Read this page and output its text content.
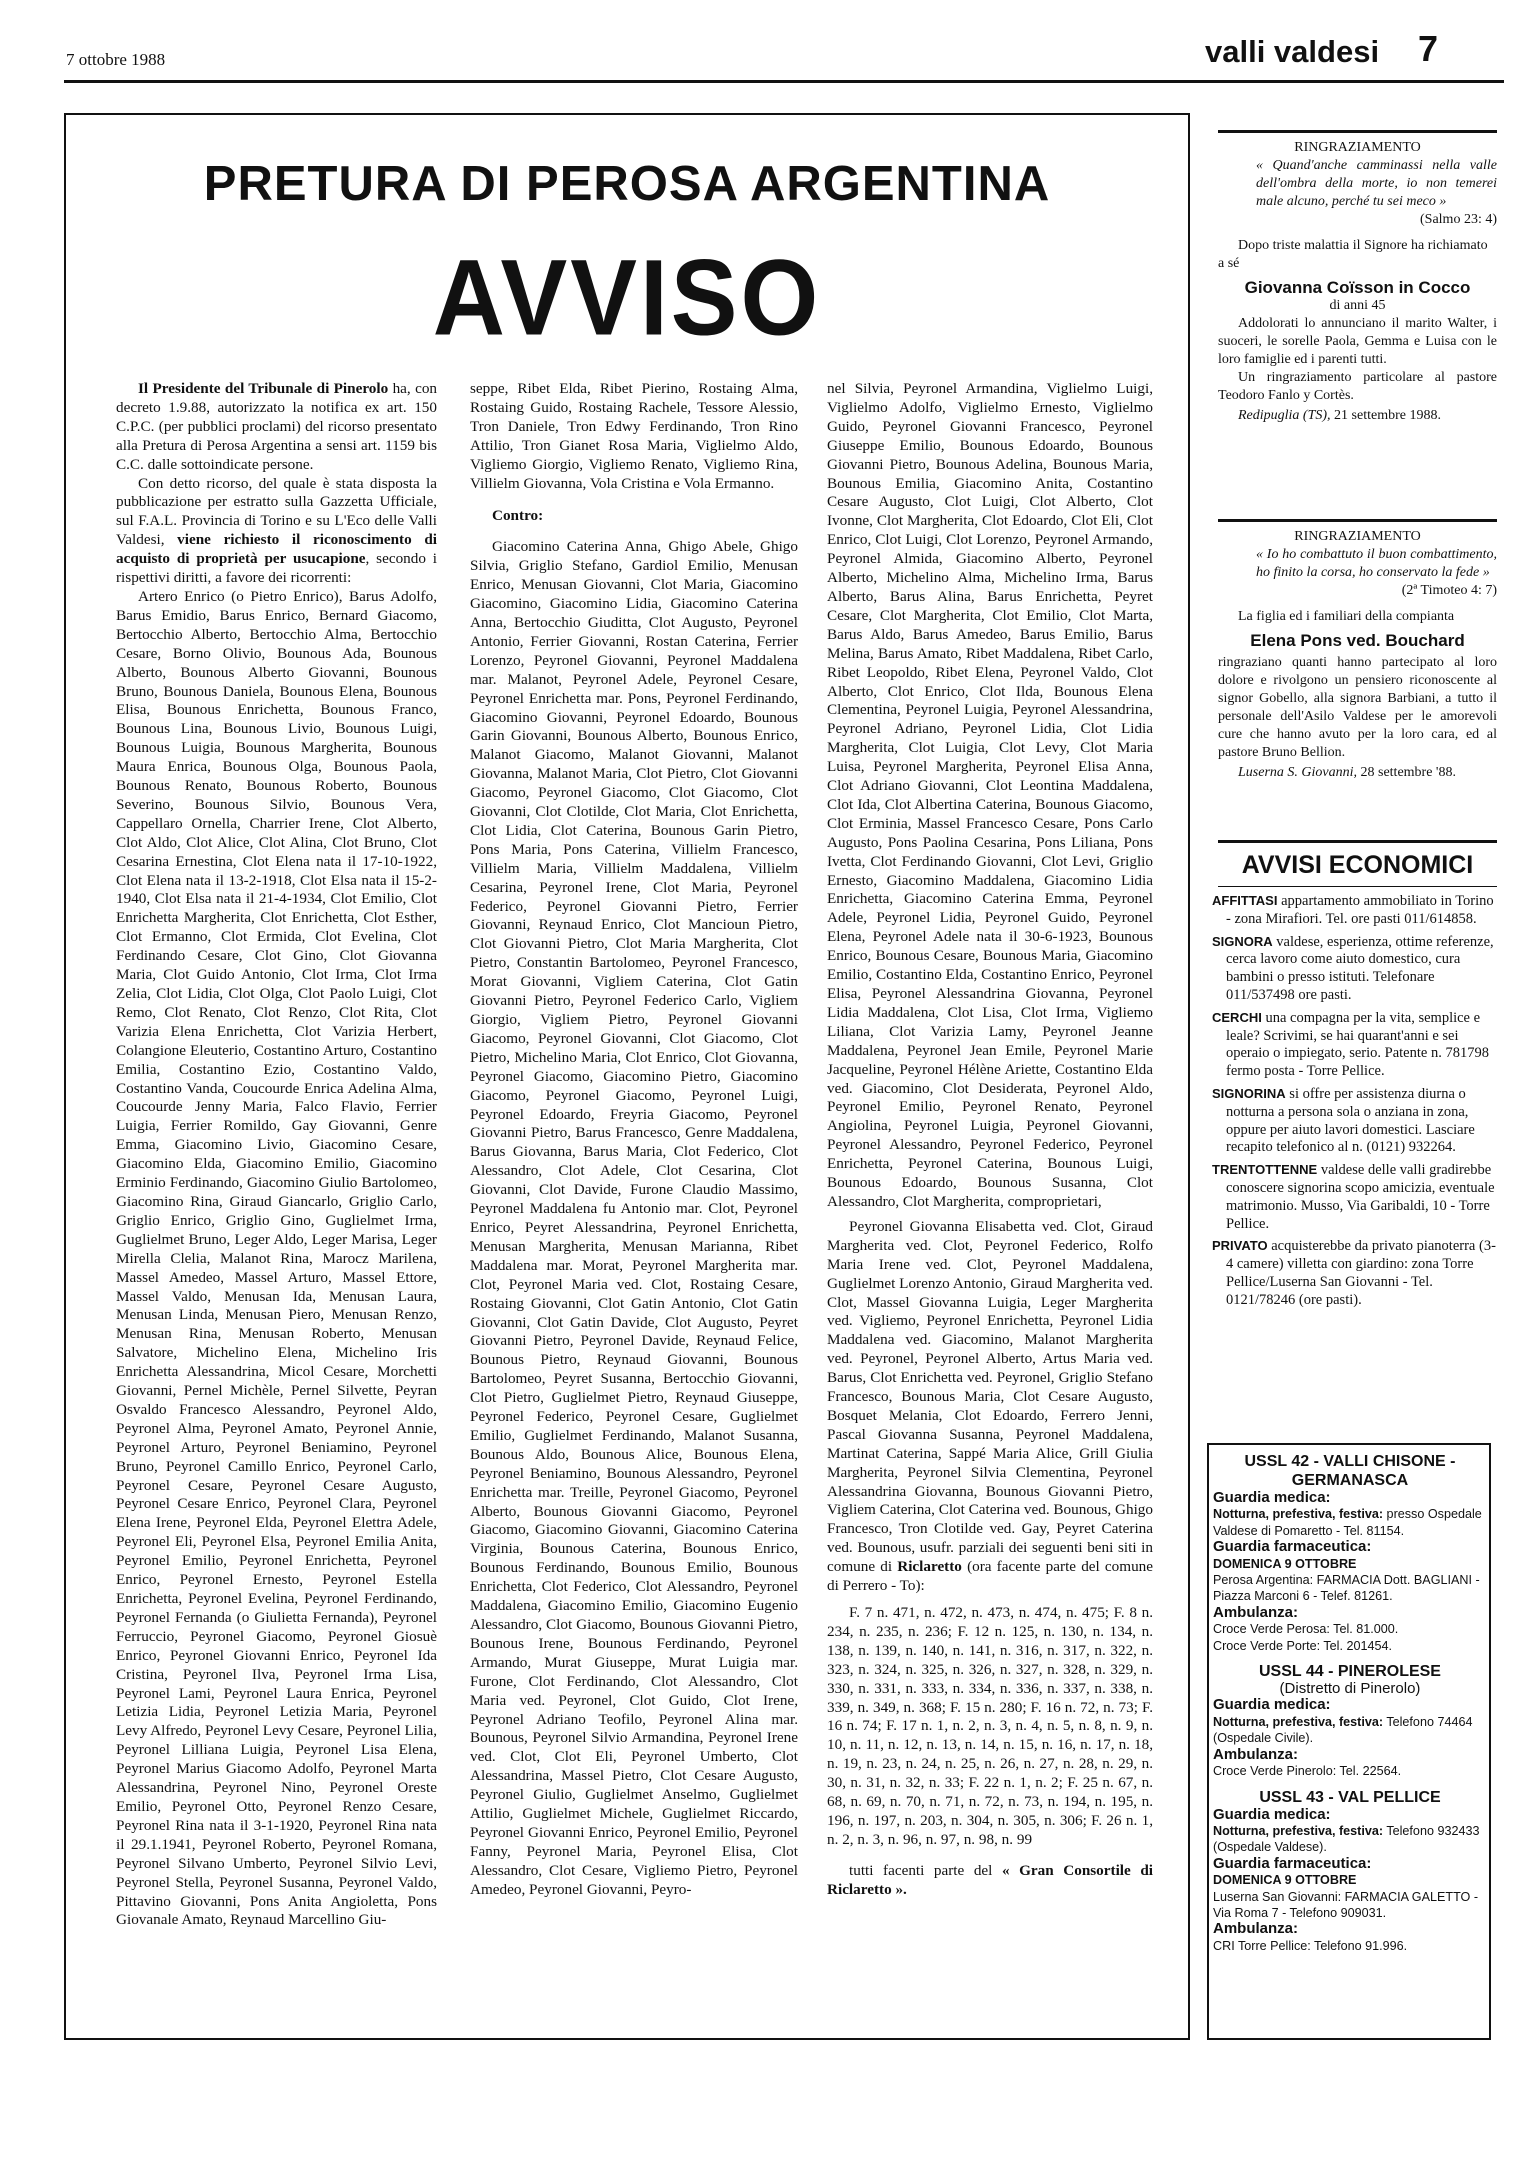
7 ottobre 1988	valli valdesi 7
PRETURA DI PEROSA ARGENTINA
AVVISO

Il Presidente del Tribunale di Pinerolo ha, con decreto 1.9.88, autorizzato la notifica ex art. 150 C.P.C. (per pubblici proclami) del ricorso presentato alla Pretura di Perosa Argentina a sensi art. 1159 bis C.C. dalle sottoindicate persone.

Con detto ricorso, del quale è stata disposta la pubblicazione per estratto sulla Gazzetta Ufficiale, sul F.A.L. Provincia di Torino e su L'Eco delle Valli Valdesi, viene richiesto il riconoscimento di acquisto di proprietà per usucapione, secondo i rispettivi diritti, a favore dei ricorrenti:

Artero Enrico (o Pietro Enrico), Barus Adolfo, Barus Emidio, Barus Enrico, Bernard Giacomo, Bertocchio Alberto, Bertocchio Alma, Bertocchio Cesare, Borno Olivio, Bounous Ada, Bounous Alberto, Bounous Alberto Giovanni, Bounous Bruno, Bounous Daniela, Bounous Elena, Bounous Elisa, Bounous Enrichetta, Bounous Franco, Bounous Lina, Bounous Livio, Bounous Luigi, Bounous Luigia, Bounous Margherita, Bounous Maura Enrica, Bounous Olga, Bounous Paola, Bounous Renato, Bounous Roberto, Bounous Severino, Bounous Silvio, Bounous Vera, Cappellaro Ornella, Charrier Irene, Clot Alberto, Clot Aldo, Clot Alice, Clot Alina, Clot Bruno, Clot Cesarina Ernestina, Clot Elena nata il 17-10-1922, Clot Elena nata il 13-2-1918, Clot Elsa nata il 15-2-1940, Clot Elsa nata il 21-4-1934, Clot Emilio, Clot Enrichetta Margherita, Clot Enrichetta, Clot Esther, Clot Ermanno, Clot Ermida, Clot Evelina, Clot Ferdinando Cesare, Clot Gino, Clot Giovanna Maria, Clot Guido Antonio, Clot Irma, Clot Irma Zelia, Clot Lidia, Clot Olga, Clot Paolo Luigi, Clot Remo, Clot Renato, Clot Renzo, Clot Rita, Clot Varizia Elena Enrichetta, Clot Varizia Herbert, Colangione Eleuterio, Costantino Arturo, Costantino Emilia, Costantino Ezio, Costantino Valdo, Costantino Vanda, Coucourde Enrica Adelina Alma, Coucourde Jenny Maria, Falco Flavio, Ferrier Luigia, Ferrier Romildo, Gay Giovanni, Genre Emma, Giacomino Livio, Giacomino Cesare, Giacomino Elda, Giacomino Emilio, Giacomino Erminio Ferdinando, Giacomino Giulio Bartolomeo, Giacomino Rina, Giraud Giancarlo, Griglio Carlo, Griglio Enrico, Griglio Gino, Guglielmet Irma, Guglielmet Bruno, Leger Aldo, Leger Marisa, Leger Mirella Clelia, Malanot Rina, Marocz Marilena, Massel Amedeo, Massel Arturo, Massel Ettore, Massel Valdo, Menusan Ida, Menusan Laura, Menusan Linda, Menusan Piero, Menusan Renzo, Menusan Rina, Menusan Roberto, Menusan Salvatore, Michelino Elena, Michelino Iris Enrichetta Alessandrina, Micol Cesare, Morchetti Giovanni, Pernel Michèle, Pernel Silvette, Peyran Osvaldo Francesco Alessandro, Peyronel Aldo, Peyronel Alma, Peyronel Amato, Peyronel Annie, Peyronel Arturo, Peyronel Beniamino, Peyronel Bruno, Peyronel Camillo Enrico, Peyronel Carlo, Peyronel Cesare, Peyronel Cesare Augusto, Peyronel Cesare Enrico, Peyronel Clara, Peyronel Elena Irene, Peyronel Elda, Peyronel Elettra Adele, Peyronel Eli, Peyronel Elsa, Peyronel Emilia Anita, Peyronel Emilio, Peyronel Enrichetta, Peyronel Enrico, Peyronel Ernesto, Peyronel Estella Enrichetta, Peyronel Evelina, Peyronel Ferdinando, Peyronel Fernanda (o Giulietta Fernanda), Peyronel Ferruccio, Peyronel Giacomo, Peyronel Giosuè Enrico, Peyronel Giovanni Enrico, Peyronel Ida Cristina, Peyronel Ilva, Peyronel Irma Lisa, Peyronel Lami, Peyronel Laura Enrica, Peyronel Letizia Lidia, Peyronel Letizia Maria, Peyronel Levy Alfredo, Peyronel Levy Cesare, Peyronel Lilia, Peyronel Lilliana Luigia, Peyronel Lisa Elena, Peyronel Marius Giacomo Adolfo, Peyronel Marta Alessandrina, Peyronel Nino, Peyronel Oreste Emilio, Peyronel Otto, Peyronel Renzo Cesare, Peyronel Rina nata il 3-1-1920, Peyronel Rina nata il 29.1.1941, Peyronel Roberto, Peyronel Romana, Peyronel Silvano Umberto, Peyronel Silvio Levi, Peyronel Stella, Peyronel Susanna, Peyronel Valdo, Pittavino Giovanni, Pons Anita Angioletta, Pons Giovanale Amato, Reynaud Marcellino Giu-

seppe, Ribet Elda, Ribet Pierino, Rostaing Alma, Rostaing Guido, Rostaing Rachele, Tessore Alessio, Tron Daniele, Tron Edwy Ferdinando, Tron Rino Attilio, Tron Gianet Rosa Maria, Viglielmo Aldo, Vigliemo Giorgio, Vigliemo Renato, Vigliemo Rina, Villielm Giovanna, Vola Cristina e Vola Ermanno.

Contro:

Giacomino Caterina Anna, Ghigo Abele, Ghigo Silvia, Griglio Stefano, Gardiol Emilio, Menusan Enrico, Menusan Giovanni, Clot Maria, Giacomino Giacomino, Giacomino Lidia, Giacomino Caterina Anna, Bertocchio Giuditta, Clot Augusto, Peyronel Antonio, Ferrier Giovanni, Rostan Caterina, Ferrier Lorenzo, Peyronel Giovanni, Peyronel Maddalena mar. Malanot, Peyronel Adele, Peyronel Cesare, Peyronel Enrichetta mar. Pons, Peyronel Ferdinando, Giacomino Giovanni, Peyronel Edoardo, Bounous Garin Giovanni, Bounous Alberto, Bounous Enrico, Malanot Giacomo, Malanot Giovanni, Malanot Giovanna, Malanot Maria, Clot Pietro, Clot Giovanni Giacomo, Peyronel Giacomo, Clot Giacomo, Clot Giovanni, Clot Clotilde, Clot Maria, Clot Enrichetta, Clot Lidia, Clot Caterina, Bounous Garin Pietro, Pons Maria, Pons Caterina, Villielm Francesco, Villielm Maria, Villielm Maddalena, Villielm Cesarina, Peyronel Irene, Clot Maria, Peyronel Federico, Peyronel Giovanni Pietro, Ferrier Giovanni, Reynaud Enrico, Clot Mancioun Pietro, Clot Giovanni Pietro, Clot Maria Margherita, Clot Pietro, Constantin Bartolomeo, Peyronel Francesco, Morat Giovanni, Vigliem Caterina, Clot Gatin Giovanni Pietro, Peyronel Federico Carlo, Vigliem Giorgio, Vigliem Pietro, Peyronel Giovanni Giacomo, Peyronel Giovanni, Clot Giacomo, Clot Pietro, Michelino Maria, Clot Enrico, Clot Giovanna, Peyronel Giacomo, Giacomino Pietro, Giacomino Giacomo, Peyronel Giacomo, Peyronel Luigi, Peyronel Edoardo, Freyria Giacomo, Peyronel Giovanni Pietro, Barus Francesco, Genre Maddalena, Barus Giovanna, Barus Maria, Clot Federico, Clot Alessandro, Clot Adele, Clot Cesarina, Clot Giovanni, Clot Davide, Furone Claudio Massimo, Peyronel Maddalena fu Antonio mar. Clot, Peyronel Enrico, Peyret Alessandrina, Peyronel Enrichetta, Menusan Margherita, Menusan Marianna, Ribet Maddalena mar. Morat, Peyronel Margherita mar. Clot, Peyronel Maria ved. Clot, Rostaing Cesare, Rostaing Giovanni, Clot Gatin Antonio, Clot Gatin Giovanni, Clot Gatin Davide, Clot Augusto, Peyret Giovanni Pietro, Peyronel Davide, Reynaud Felice, Bounous Pietro, Reynaud Giovanni, Bounous Bartolomeo, Peyret Susanna, Bertocchio Giovanni, Clot Pietro, Guglielmet Pietro, Reynaud Giuseppe, Peyronel Federico, Peyronel Cesare, Guglielmet Emilio, Guglielmet Ferdinando, Malanot Susanna, Bounous Aldo, Bounous Alice, Bounous Elena, Peyronel Beniamino, Bounous Alessandro, Peyronel Enrichetta mar. Treille, Peyronel Giacomo, Peyronel Alberto, Bounous Giovanni Giacomo, Peyronel Giacomo, Giacomino Giovanni, Giacomino Caterina Virginia, Bounous Caterina, Bounous Enrico, Bounous Ferdinando, Bounous Emilio, Bounous Enrichetta, Clot Federico, Clot Alessandro, Peyronel Maddalena, Giacomino Emilio, Giacomino Eugenio Alessandro, Clot Giacomo, Bounous Giovanni Pietro, Bounous Irene, Bounous Ferdinando, Peyronel Armando, Murat Giuseppe, Murat Luigia mar. Furone, Clot Ferdinando, Clot Alessandro, Clot Maria ved. Peyronel, Clot Guido, Clot Irene, Peyronel Adriano Teofilo, Peyronel Alina mar. Bounous, Peyronel Silvio Armandina, Peyronel Irene ved. Clot, Clot Eli, Peyronel Umberto, Clot Alessandrina, Massel Pietro, Clot Cesare Augusto, Peyronel Giulio, Guglielmet Anselmo, Guglielmet Attilio, Guglielmet Michele, Guglielmet Riccardo, Peyronel Giovanni Enrico, Peyronel Emilio, Peyronel Fanny, Peyronel Maria, Peyronel Elisa, Clot Alessandro, Clot Cesare, Vigliemo Pietro, Peyronel Amedeo, Peyronel Giovanni, Peyro-

nel Silvia, Peyronel Armandina, Viglielmo Luigi, Viglielmo Adolfo, Viglielmo Ernesto, Viglielmo Guido, Peyronel Giovanni Francesco, Peyronel Giuseppe Emilio, Bounous Edoardo, Bounous Giovanni Pietro, Bounous Adelina, Bounous Maria, Bounous Emilia, Giacomino Anita, Costantino Cesare Augusto, Clot Luigi, Clot Alberto, Clot Ivonne, Clot Margherita, Clot Edoardo, Clot Eli, Clot Enrico, Clot Luigi, Clot Lorenzo, Peyronel Armando, Peyronel Almida, Giacomino Alberto, Peyronel Alberto, Michelino Alma, Michelino Irma, Barus Alberto, Barus Alina, Barus Enrichetta, Peyret Cesare, Clot Margherita, Clot Emilio, Clot Marta, Barus Aldo, Barus Amedeo, Barus Emilio, Barus Melina, Barus Amato, Ribet Maddalena, Ribet Carlo, Ribet Leopoldo, Ribet Elena, Peyronel Valdo, Clot Alberto, Clot Enrico, Clot Ilda, Bounous Elena Clementina, Peyronel Luigia, Peyronel Alessandrina, Peyronel Adriano, Peyronel Lidia, Clot Lidia Margherita, Clot Luigia, Clot Levy, Clot Maria Luisa, Peyronel Margherita, Peyronel Elisa Anna, Clot Adriano Giovanni, Clot Leontina Maddalena, Clot Ida, Clot Albertina Caterina, Bounous Giacomo, Clot Erminia, Massel Francesco Cesare, Pons Carlo Augusto, Pons Paolina Cesarina, Pons Liliana, Pons Ivetta, Clot Ferdinando Giovanni, Clot Levi, Griglio Ernesto, Giacomino Maddalena, Giacomino Lidia Enrichetta, Giacomino Caterina Emma, Peyronel Adele, Peyronel Lidia, Peyronel Guido, Peyronel Elena, Peyronel Adele nata il 30-6-1923, Bounous Enrico, Bounous Cesare, Bounous Maria, Giacomino Emilio, Costantino Elda, Costantino Enrico, Peyronel Elisa, Peyronel Alessandrina Giovanna, Peyronel Lidia Maddalena, Clot Lisa, Clot Irma, Vigliemo Liliana, Clot Varizia Lamy, Peyronel Jeanne Maddalena, Peyronel Jean Emile, Peyronel Marie Jacqueline, Peyronel Hélène Ariette, Costantino Elda ved. Giacomino, Clot Desiderata, Peyronel Aldo, Peyronel Emilio, Peyronel Renato, Peyronel Angiolina, Peyronel Luigia, Peyronel Giovanni, Peyronel Alessandro, Peyronel Federico, Peyronel Enrichetta, Peyronel Caterina, Bounous Luigi, Bounous Edoardo, Bounous Susanna, Clot Alessandro, Clot Margherita, comproprietari,

Peyronel Giovanna Elisabetta ved. Clot, Giraud Margherita ved. Clot, Peyronel Federico, Rolfo Maria Irene ved. Clot, Peyronel Maddalena, Guglielmet Lorenzo Antonio, Giraud Margherita ved. Clot, Massel Giovanna Luigia, Leger Margherita ved. Vigliemo, Peyronel Enrichetta, Peyronel Lidia Maddalena ved. Giacomino, Malanot Margherita ved. Peyronel, Peyronel Alberto, Artus Maria ved. Barus, Clot Enrichetta ved. Peyronel, Griglio Stefano Francesco, Bounous Maria, Clot Cesare Augusto, Bosquet Melania, Clot Edoardo, Ferrero Jenni, Pascal Giovanna Susanna, Peyronel Maddalena, Martinat Caterina, Sappé Maria Alice, Grill Giulia Margherita, Peyronel Silvia Clementina, Peyronel Alessandrina Giovanna, Bounous Giovanni Pietro, Vigliem Caterina, Clot Caterina ved. Bounous, Ghigo Francesco, Tron Clotilde ved. Gay, Peyret Caterina ved. Bounous, usufr. parziali dei seguenti beni siti in comune di Riclaretto (ora facente parte del comune di Perrero - To):

F. 7 n. 471, n. 472, n. 473, n. 474, n. 475; F. 8 n. 234, n. 235, n. 236; F. 12 n. 125, n. 130, n. 134, n. 138, n. 139, n. 140, n. 141, n. 316, n. 317, n. 322, n. 323, n. 324, n. 325, n. 326, n. 327, n. 328, n. 329, n. 330, n. 331, n. 333, n. 334, n. 336, n. 337, n. 338, n. 339, n. 349, n. 368; F. 15 n. 280; F. 16 n. 72, n. 73; F. 16 n. 74; F. 17 n. 1, n. 2, n. 3, n. 4, n. 5, n. 8, n. 9, n. 10, n. 11, n. 12, n. 13, n. 14, n. 15, n. 16, n. 17, n. 18, n. 19, n. 23, n. 24, n. 25, n. 26, n. 27, n. 28, n. 29, n. 30, n. 31, n. 32, n. 33; F. 22 n. 1, n. 2; F. 25 n. 67, n. 68, n. 69, n. 70, n. 71, n. 72, n. 73, n. 194, n. 195, n. 196, n. 197, n. 203, n. 304, n. 305, n. 306; F. 26 n. 1, n. 2, n. 3, n. 96, n. 97, n. 98, n. 99

tutti facenti parte del « Gran Consortile di Riclaretto ».

RINGRAZIAMENTO
« Quand'anche camminassi nella valle dell'ombra della morte, io non temerei male alcuno, perché tu sei meco »
(Salmo 23: 4)
Dopo triste malattia il Signore ha richiamato a sé
Giovanna Coïsson in Cocco
di anni 45
Addolorati lo annunciano il marito Walter, i suoceri, le sorelle Paola, Gemma e Luisa con le loro famiglie ed i parenti tutti.
Un ringraziamento particolare al pastore Teodoro Fanlo y Cortès.
Redipuglia (TS), 21 settembre 1988.
RINGRAZIAMENTO
« Io ho combattuto il buon combattimento, ho finito la corsa, ho conservato la fede »
(2ª Timoteo 4: 7)
La figlia ed i familiari della compianta
Elena Pons ved. Bouchard
ringraziano quanti hanno partecipato al loro dolore e rivolgono un pensiero riconoscente al signor Gobello, alla signora Barbiani, a tutto il personale dell'Asilo Valdese per le amorevoli cure che hanno avuto per la loro cara, ed al pastore Bruno Bellion.
Luserna S. Giovanni, 28 settembre '88.
AVVISI ECONOMICI

AFFITTASI appartamento ammobiliato in Torino - zona Mirafiori. Tel. ore pasti 011/614858.

SIGNORA valdese, esperienza, ottime referenze, cerca lavoro come aiuto domestico, cura bambini o presso istituti. Telefonare 011/537498 ore pasti.

CERCHI una compagna per la vita, semplice e leale? Scrivimi, se hai quarant'anni e sei operaio o impiegato, serio. Patente n. 781798 fermo posta - Torre Pellice.

SIGNORINA si offre per assistenza diurna o notturna a persona sola o anziana in zona, oppure per aiuto lavori domestici. Lasciare recapito telefonico al n. (0121) 932264.

TRENTOTTENNE valdese delle valli gradirebbe conoscere signorina scopo amicizia, eventuale matrimonio. Musso, Via Garibaldi, 10 - Torre Pellice.

PRIVATO acquisterebbe da privato pianoterra (3-4 camere) villetta con giardino: zona Torre Pellice/Luserna San Giovanni - Tel. 0121/78246 (ore pasti).

USSL 42 - VALLI CHISONE - GERMANASCA
Guardia medica:
Notturna, prefestiva, festiva: presso Ospedale Valdese di Pomaretto - Tel. 81154.
Guardia farmaceutica:
DOMENICA 9 OTTOBRE
Perosa Argentina: FARMACIA Dott. BAGLIANI - Piazza Marconi 6 - Telef. 81261.
Ambulanza:
Croce Verde Perosa: Tel. 81.000.
Croce Verde Porte: Tel. 201454.
USSL 44 - PINEROLESE
(Distretto di Pinerolo)
Guardia medica:
Notturna, prefestiva, festiva: Telefono 74464 (Ospedale Civile).
Ambulanza:
Croce Verde Pinerolo: Tel. 22564.
USSL 43 - VAL PELLICE
Guardia medica:
Notturna, prefestiva, festiva: Telefono 932433 (Ospedale Valdese).
Guardia farmaceutica:
DOMENICA 9 OTTOBRE
Luserna San Giovanni: FARMACIA GALETTO - Via Roma 7 - Telefono 909031.
Ambulanza:
CRI Torre Pellice: Telefono 91.996.
